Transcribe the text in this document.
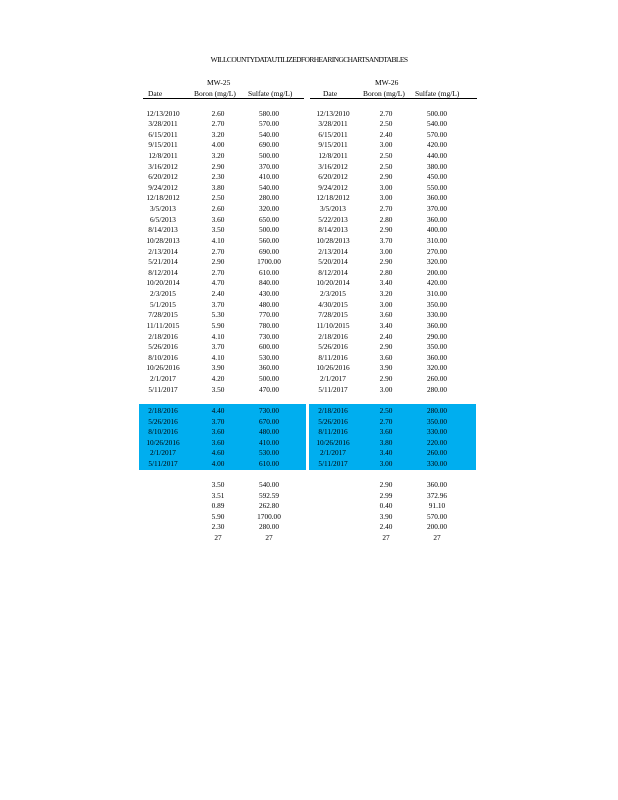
WILLCOUNTYDATAUTILIZEDFORHEARINGCHARTSANDTABLES
MW-25	MW-26
Date	Boron (mg/L) Sulfate (mg/L)	Date	Boron (mg/L) Sulfate (mg/L)
12/13/2010	2.60	580.00
3/28/2011	2.70	570.00
6/15/2011	3.20	540.00
9/15/2011	4.00	690.00
12/8/2011	3.20	500.00
3/16/2012	2.90	370.00
6/20/2012	2.30	410.00
9/24/2012	3.80	540.00
12/18/2012	2.50	280.00
3/5/2013	2.60	320.00
6/5/2013	3.60	650.00
8/14/2013	3.50	500.00
10/28/2013	4.10	560.00
2/13/2014	2.70	690.00
5/21/2014	2.90	1700.00
8/12/2014	2.70	610.00
10/20/2014	4.70	840.00
2/3/2015	2.40	430.00
5/1/2015	3.70	480.00
7/28/2015	5.30	770.00
11/11/2015	5.90	780.00
2/18/2016	4.10	730.00
5/26/2016	3.70	600.00
8/10/2016	4.10	530.00
10/26/2016	3.90	360.00
2/1/2017	4.20	500.00
5/11/2017	3.50	470.00
2/18/2016	4.40	730.00
5/26/2016	3.70	670.00
8/10/2016	3.60	480.00
10/26/2016	3.60	410.00
2/1/2017	4.60	530.00
5/11/2017	4.00	610.00
3.50	540.00
3.51	592.59
0.89	262.80
5.90	1700.00
2.30	280.00
27	27
12/13/2010	2.70	500.00
3/28/2011	2.50	540.00
6/15/2011	2.40	570.00
9/15/2011	3.00	420.00
12/8/2011	2.50	440.00
3/16/2012	2.50	380.00
6/20/2012	2.90	450.00
9/24/2012	3.00	550.00
12/18/2012	3.00	360.00
3/5/2013	2.70	370.00
5/22/2013	2.80	360.00
8/14/2013	2.90	400.00
10/28/2013	3.70	310.00
2/13/2014	3.00	270.00
5/20/2014	2.90	320.00
8/12/2014	2.80	200.00
10/20/2014	3.40	420.00
2/3/2015	3.20	310.00
4/30/2015	3.00	350.00
7/28/2015	3.60	330.00
11/10/2015	3.40	360.00
2/18/2016	2.40	290.00
5/26/2016	2.90	350.00
8/11/2016	3.60	360.00
10/26/2016	3.90	320.00
2/1/2017	2.90	260.00
5/11/2017	3.00	280.00
2/18/2016	2.50	280.00
5/26/2016	2.70	350.00
8/11/2016	3.60	330.00
10/26/2016	3.80	220.00
2/1/2017	3.40	260.00
5/11/2017	3.00	330.00
2.90	360.00
2.99	372.96
0.40	91.10
3.90	570.00
2.40	200.00
27	27
